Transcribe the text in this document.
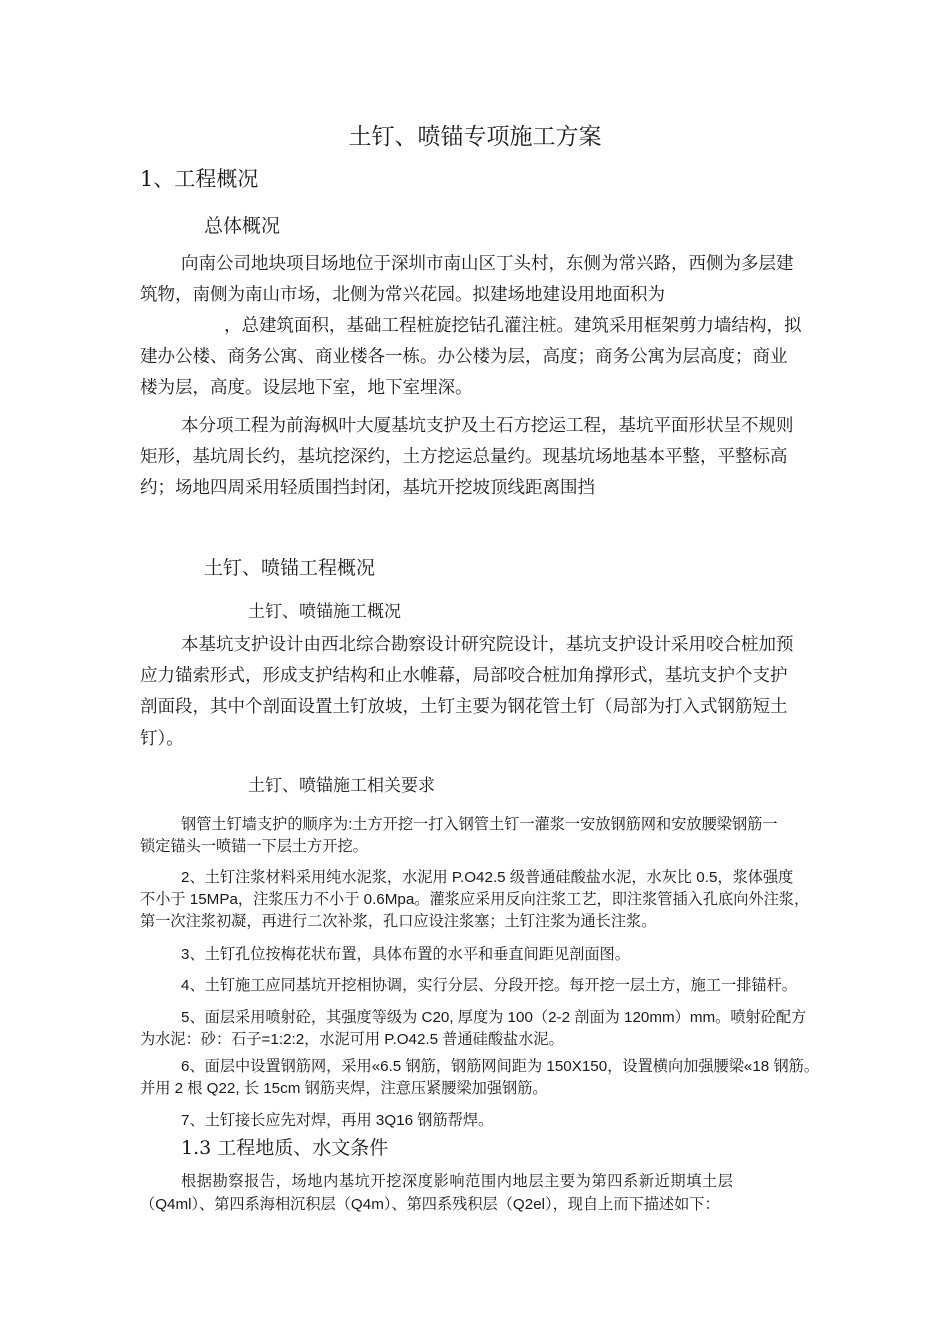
土钉、喷锚专项施工方案
1、工程概况
总体概况
向南公司地块项目场地位于深圳市南山区丁头村，东侧为常兴路，西侧为多层建
筑物，南侧为南山市场，北侧为常兴花园。拟建场地建设用地面积为
，总建筑面积，基础工程桩旋挖钻孔灌注桩。建筑采用框架剪力墙结构，拟
建办公楼、商务公寓、商业楼各一栋。办公楼为层，高度；商务公寓为层高度；商业
楼为层，高度。设层地下室，地下室埋深。
本分项工程为前海枫叶大厦基坑支护及土石方挖运工程，基坑平面形状呈不规则
矩形，基坑周长约，基坑挖深约，土方挖运总量约。现基坑场地基本平整，平整标高
约；场地四周采用轻质围挡封闭，基坑开挖坡顶线距离围挡
土钉、喷锚工程概况
土钉、喷锚施工概况
本基坑支护设计由西北综合勘察设计研究院设计，基坑支护设计采用咬合桩加预
应力锚索形式，形成支护结构和止水帷幕，局部咬合桩加角撑形式，基坑支护个支护
剖面段，其中个剖面设置土钉放坡，土钉主要为钢花管土钉（局部为打入式钢筋短土
钉）。
土钉、喷锚施工相关要求
钢管土钉墙支护的顺序为:土方开挖一打入钢管土钉一灌浆一安放钢筋网和安放腰梁钢筋一
锁定锚头一喷锚一下层土方开挖。
2、土钉注浆材料采用纯水泥浆，水泥用 P.O42.5 级普通硅酸盐水泥，水灰比 0.5，浆体强度
不小于 15MPa，注浆压力不小于 0.6Mpa。灌浆应采用反向注浆工艺，即注浆管插入孔底向外注浆，
第一次注浆初凝，再进行二次补浆，孔口应设注浆塞；土钉注浆为通长注浆。
3、土钉孔位按梅花状布置，具体布置的水平和垂直间距见剖面图。
4、土钉施工应同基坑开挖相协调，实行分层、分段开挖。每开挖一层土方，施工一排锚杆。
5、面层采用喷射砼，其强度等级为 C20, 厚度为 100（2-2 剖面为 120mm）mm。喷射砼配方
为水泥：砂：石子=1:2:2，水泥可用 P.O42.5 普通硅酸盐水泥。
6、面层中设置钢筋网，采用«6.5 钢筋，钢筋网间距为 150X150，设置横向加强腰梁«18 钢筋。
并用 2 根 Q22, 长 15cm 钢筋夹焊，注意压紧腰梁加强钢筋。
7、土钉接长应先对焊，再用 3Q16 钢筋帮焊。
1.3 工程地质、水文条件
根据勘察报告，场地内基坑开挖深度影响范围内地层主要为第四系新近期填土层
（Q4ml）、第四系海相沉积层（Q4m）、第四系残积层（Q2el），现自上而下描述如下：
